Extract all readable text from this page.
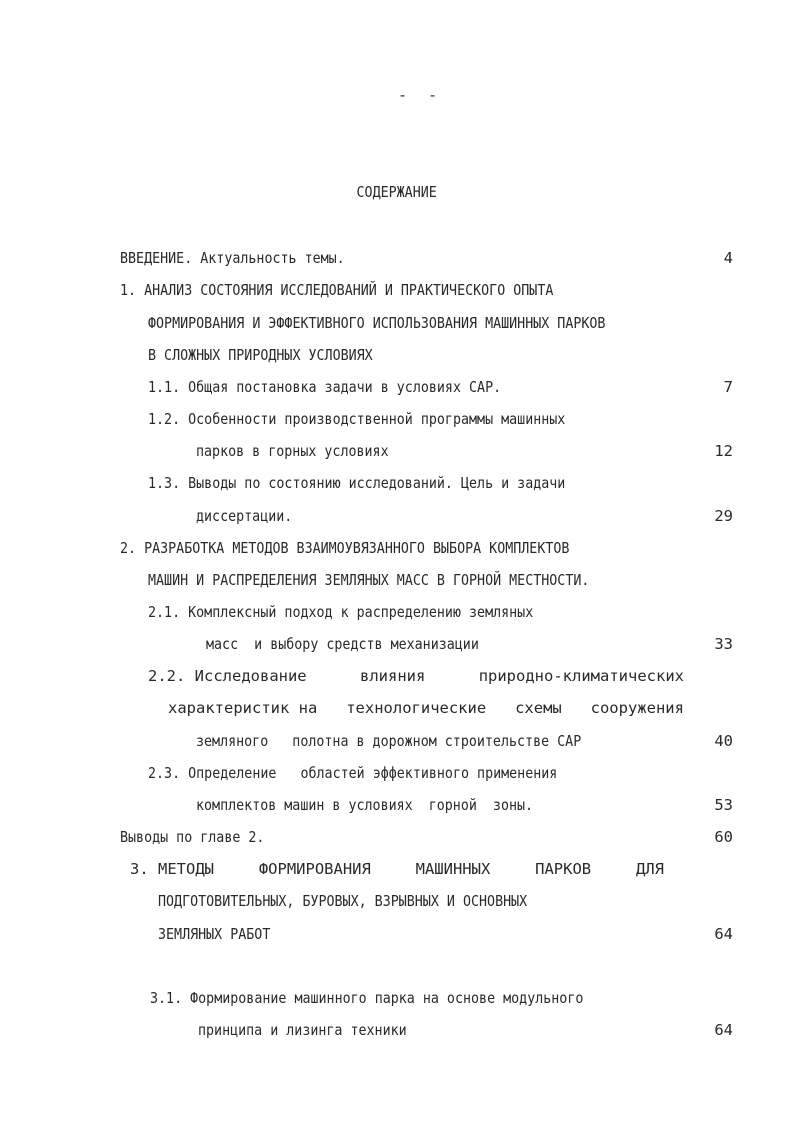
- -
СОДЕРЖАНИЕ
ВВЕДЕНИЕ. Актуальность темы.	4
1. АНАЛИЗ СОСТОЯНИЯ ИССЛЕДОВАНИЙ И ПРАКТИЧЕСКОГО ОПЫТА
ФОРМИРОВАНИЯ И ЭФФЕКТИВНОГО ИСПОЛЬЗОВАНИЯ МАШИННЫХ ПАРКОВ
В СЛОЖНЫХ ПРИРОДНЫХ УСЛОВИЯХ
1.1. Общая постановка задачи в условиях САР.	7
1.2. Особенности производственной программы машинных
парков в горных условиях	12
1.3. Выводы по состоянию исследований. Цель и задачи
диссертации.	29
2. РАЗРАБОТКА МЕТОДОВ ВЗАИМОУВЯЗАННОГО ВЫБОРА КОМПЛЕКТОВ
МАШИН И РАСПРЕДЕЛЕНИЯ ЗЕМЛЯНЫХ МАСС В ГОРНОЙ МЕСТНОСТИ.
2.1. Комплексный подход к распределению земляных
масс  и выбору средств механизации	33
2.2. Исследование	влияния	природно-климатических
характеристик на технологические схемы сооружения
земляного   полотна в дорожном строительстве САР	40
2.3. Определение   областей эффективного применения
комплектов машин в условиях  горной  зоны.	53
Выводы по главе 2.	60
3. МЕТОДЫ	ФОРМИРОВАНИЯ	МАШИННЫХ	ПАРКОВ	ДЛЯ
ПОДГОТОВИТЕЛЬНЫХ, БУРОВЫХ, ВЗРЫВНЫХ И ОСНОВНЫХ
ЗЕМЛЯНЫХ РАБОТ	64
3.1. Формирование машинного парка на основе модульного
принципа и лизинга техники	64
